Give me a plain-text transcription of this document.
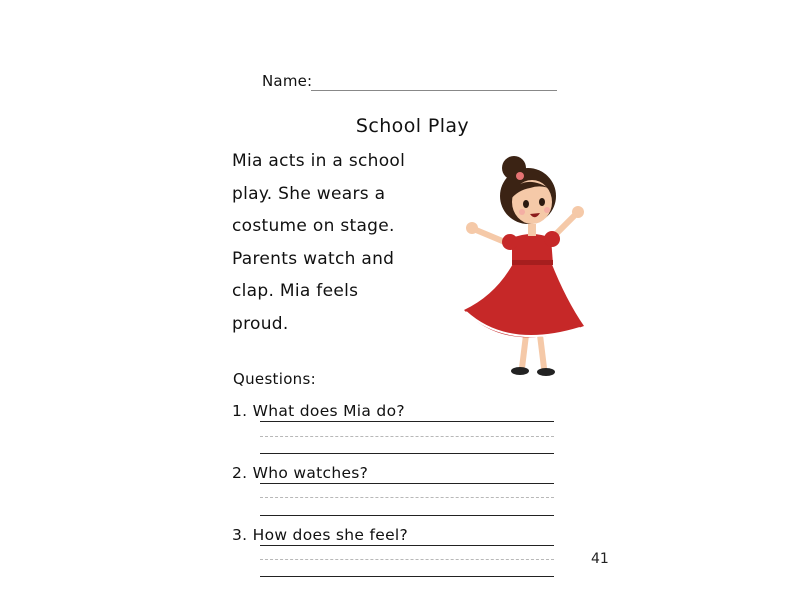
Name:
School Play
Mia acts in a school
play. She wears a
costume on stage.
Parents watch and
clap. Mia feels
proud.
Questions:
1. What does Mia do?
2. Who watches?
3. How does she feel?
41
